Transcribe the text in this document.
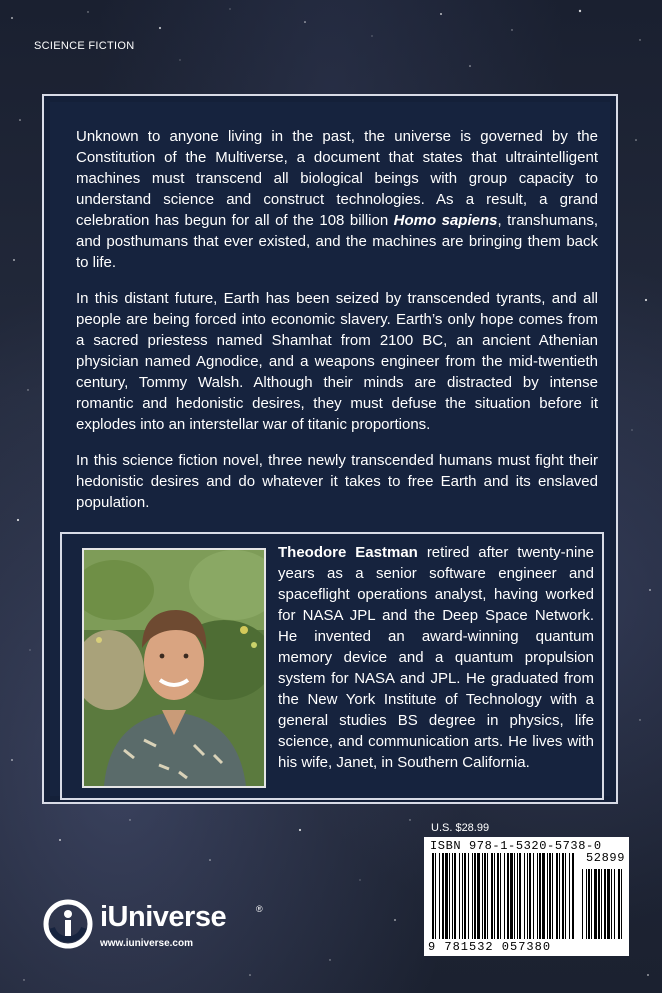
SCIENCE FICTION

Unknown to anyone living in the past, the universe is governed by the Constitution of the Multiverse, a document that states that ultraintelligent machines must transcend all biological beings with group capacity to understand science and construct technologies. As a result, a grand celebration has begun for all of the 108 billion Homo sapiens, transhumans, and posthumans that ever existed, and the machines are bringing them back to life.

In this distant future, Earth has been seized by transcended tyrants, and all people are being forced into economic slavery. Earth’s only hope comes from a sacred priestess named Shamhat from 2100 BC, an ancient Athenian physician named Agnodice, and a weapons engineer from the mid-twentieth century, Tommy Walsh. Although their minds are distracted by intense romantic and hedonistic desires, they must defuse the situation before it explodes into an interstellar war of titanic proportions.

In this science fiction novel, three newly transcended humans must fight their hedonistic desires and do whatever it takes to free Earth and its enslaved population.

Theodore Eastman retired after twenty-nine years as a senior software engineer and spaceflight operations analyst, having worked for NASA JPL and the Deep Space Network. He invented an award-winning quantum memory device and a quantum propulsion system for NASA and JPL. He graduated from the New York Institute of Technology with a general studies BS degree in physics, life science, and communication arts. He lives with his wife, Janet, in Southern California.

U.S. $28.99
ISBN 978-1-5320-5738-0
52899
9 781532 057380
iUniverse	®
www.iuniverse.com
